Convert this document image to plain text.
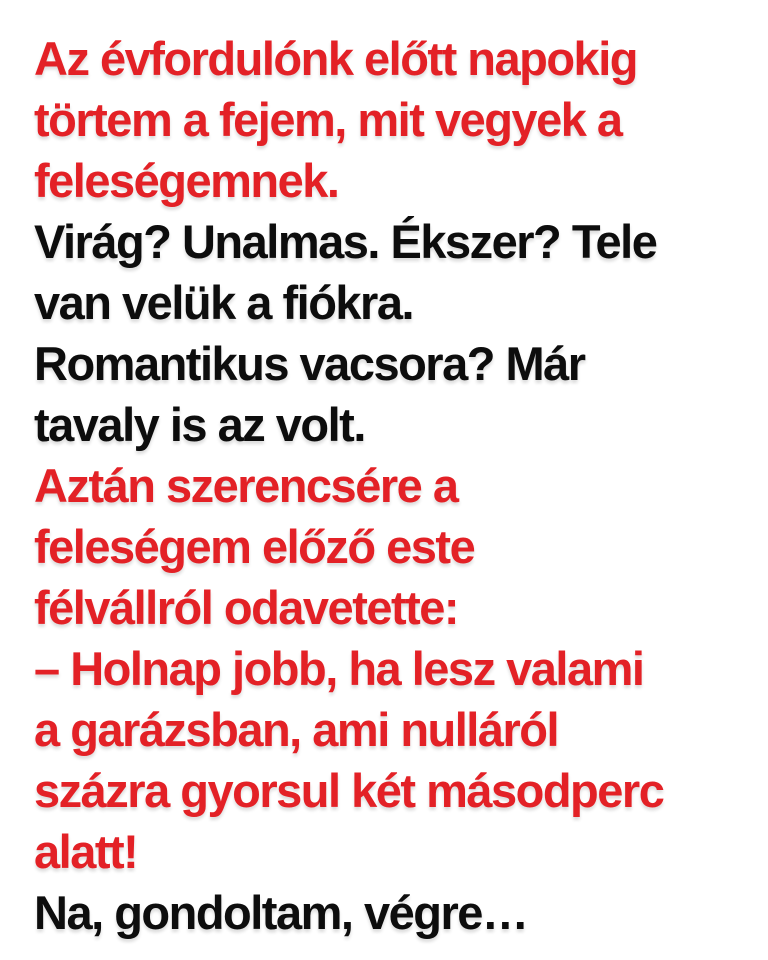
Az évfordulónk előtt napokig
törtem a fejem, mit vegyek a
feleségemnek.
Virág? Unalmas. Ékszer? Tele
van velük a fiókra.
Romantikus vacsora? Már
tavaly is az volt.
Aztán szerencsére a
feleségem előző este
félvállról odavetette:
– Holnap jobb, ha lesz valami
a garázsban, ami nulláról
százra gyorsul két másodperc
alatt!
Na, gondoltam, végre…
